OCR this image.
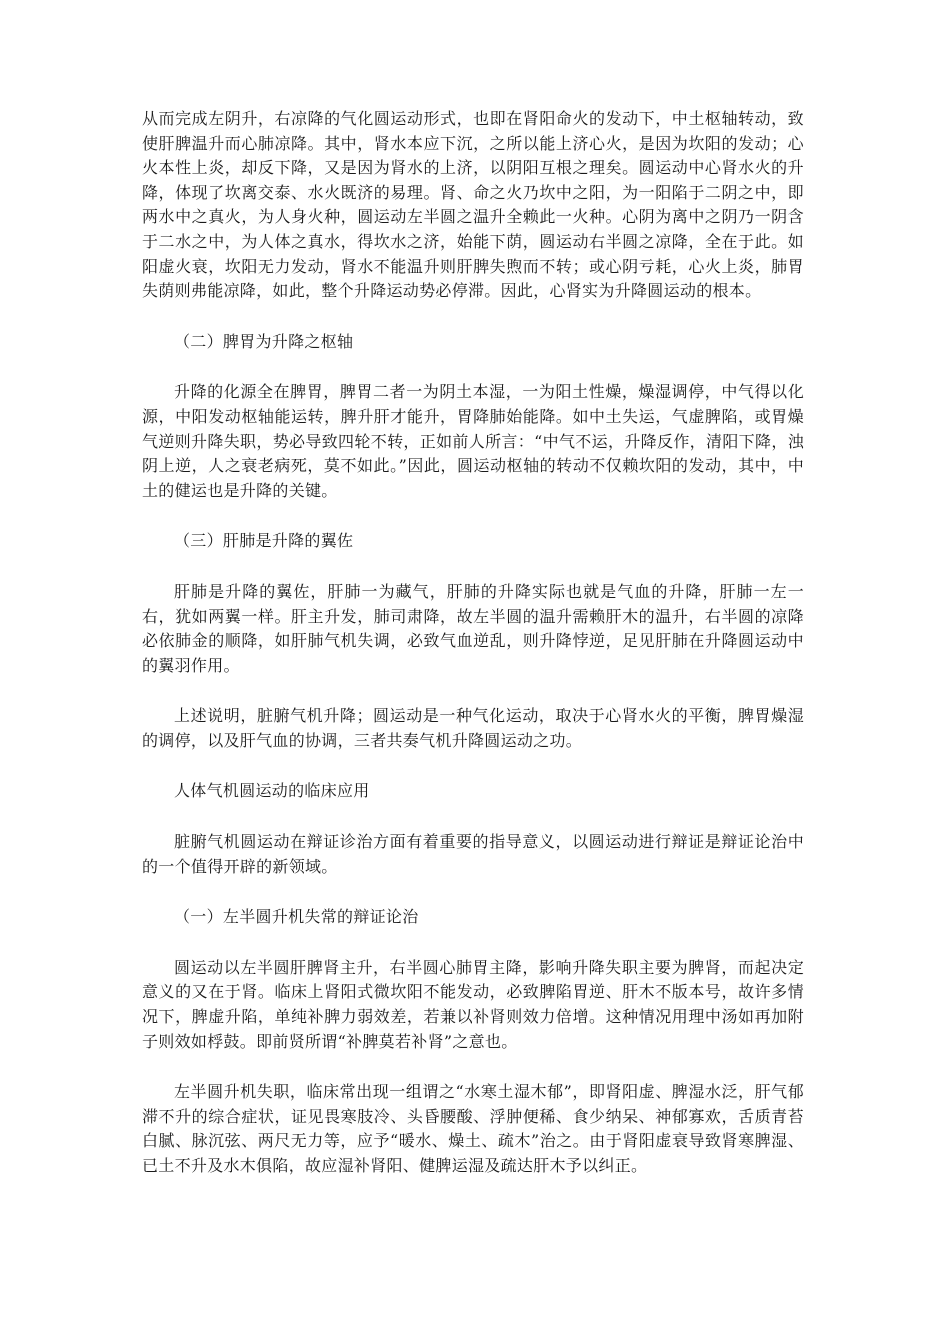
从而完成左阴升，右凉降的气化圆运动形式，也即在肾阳命火的发动下，中土枢轴转动，致使肝脾温升而心肺凉降。其中，肾水本应下沉，之所以能上济心火，是因为坎阳的发动；心火本性上炎，却反下降，又是因为肾水的上济，以阴阳互根之理矣。圆运动中心肾水火的升降，体现了坎离交泰、水火既济的易理。肾、命之火乃坎中之阳，为一阳陷于二阴之中，即两水中之真火，为人身火种，圆运动左半圆之温升全赖此一火种。心阴为离中之阴乃一阴含于二水之中，为人体之真水，得坎水之济，始能下荫，圆运动右半圆之凉降，全在于此。如阳虚火衰，坎阳无力发动，肾水不能温升则肝脾失煦而不转；或心阴亏耗，心火上炎，肺胃失荫则弗能凉降，如此，整个升降运动势必停滞。因此，心肾实为升降圆运动的根本。

（二）脾胃为升降之枢轴

升降的化源全在脾胃，脾胃二者一为阴土本湿，一为阳土性燥，燥湿调停，中气得以化源，中阳发动枢轴能运转，脾升肝才能升，胃降肺始能降。如中土失运，气虚脾陷，或胃燥气逆则升降失职，势必导致四轮不转，正如前人所言：“中气不运，升降反作，清阳下降，浊阴上逆，人之衰老病死，莫不如此。”因此，圆运动枢轴的转动不仅赖坎阳的发动，其中，中土的健运也是升降的关键。

（三）肝肺是升降的翼佐

肝肺是升降的翼佐，肝肺一为藏气，肝肺的升降实际也就是气血的升降，肝肺一左一右，犹如两翼一样。肝主升发，肺司肃降，故左半圆的温升需赖肝木的温升，右半圆的凉降必依肺金的顺降，如肝肺气机失调，必致气血逆乱，则升降悖逆，足见肝肺在升降圆运动中的翼羽作用。

上述说明，脏腑气机升降；圆运动是一种气化运动，取决于心肾水火的平衡，脾胃燥湿的调停，以及肝气血的协调，三者共奏气机升降圆运动之功。

人体气机圆运动的临床应用

脏腑气机圆运动在辩证诊治方面有着重要的指导意义，以圆运动进行辩证是辩证论治中的一个值得开辟的新领域。

（一）左半圆升机失常的辩证论治

圆运动以左半圆肝脾肾主升，右半圆心肺胃主降，影响升降失职主要为脾肾，而起决定意义的又在于肾。临床上肾阳式微坎阳不能发动，必致脾陷胃逆、肝木不版本号，故许多情况下，脾虚升陷，单纯补脾力弱效差，若兼以补肾则效力倍增。这种情况用理中汤如再加附子则效如桴鼓。即前贤所谓“补脾莫若补肾”之意也。

左半圆升机失职，临床常出现一组谓之“水寒土湿木郁”，即肾阳虚、脾湿水泛，肝气郁滞不升的综合症状，证见畏寒肢冷、头昏腰酸、浮肿便稀、食少纳呆、神郁寡欢，舌质青苔白腻、脉沉弦、两尺无力等，应予“暖水、燥土、疏木”治之。由于肾阳虚衰导致肾寒脾湿、已土不升及水木俱陷，故应湿补肾阳、健脾运湿及疏达肝木予以纠正。
